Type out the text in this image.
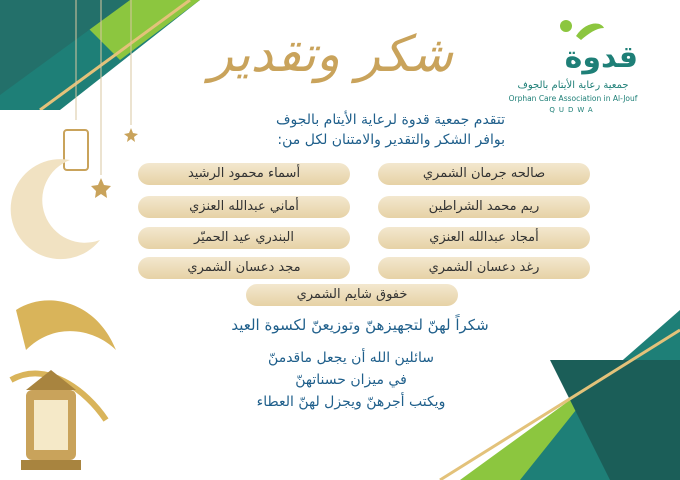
قدوة
جمعية رعاية الأيتام بالجوف
Orphan Care Association in Al-Jouf
QUDWA
شكر وتقدير
تتقدم جمعية قدوة لرعاية الأيتام بالجوف
بوافر الشكر والتقدير والامتنان لكل من:
صالحه جرمان الشمري
أسماء محمود الرشيد
ريم محمد الشراطين
أماني عبدالله العنزي
أمجاد عبدالله العنزي
البندري عيد الحميّر
رغد دعسان الشمري
مجد دعسان الشمري
خفوق شايم الشمري
شكراً لهنّ لتجهيزهنّ وتوزيعنّ لكسوة العيد
سائلين الله أن يجعل ماقدمنّ
في ميزان حسناتهنّ
ويكتب أجرهنّ ويجزل لهنّ العطاء
